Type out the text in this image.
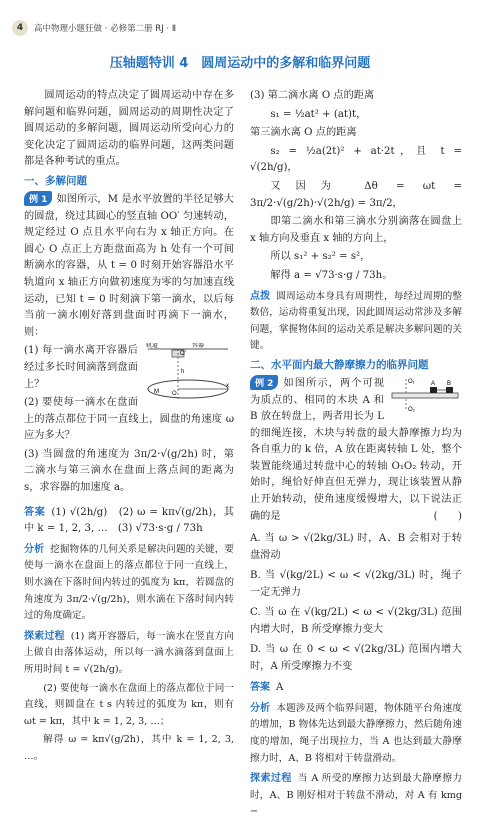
4	高中物理小题狂做 · 必修第二册 RJ · Ⅱ
压轴题特训 4　圆周运动中的多解和临界问题

圆周运动的特点决定了圆周运动中存在多解问题和临界问题，圆周运动的周期性决定了圆周运动的多解问题，圆周运动所受向心力的变化决定了圆周运动的临界问题，这两类问题都是各种考试的重点。

一、多解问题

例 1 如图所示，M 是水平放置的半径足够大的圆盘，绕过其圆心的竖直轴 OO′ 匀速转动，规定经过 O 点且水平向右为 x 轴正方向。在圆心 O 点正上方距盘面高为 h 处有一个可间断滴水的容器，从 t = 0 时刻开始容器沿水平轨道向 x 轴正方向做初速度为零的匀加速直线运动，已知 t = 0 时刻滴下第一滴水，以后每当前一滴水刚好落到盘面时再滴下一滴水，则：

轨道	容器
O′
O
x
M
h

(1) 每一滴水离开容器后经过多长时间滴落到盘面上？

(2) 要使每一滴水在盘面上的落点都位于同一直线上，圆盘的角速度 ω 应为多大？

(3) 当圆盘的角速度为 3π/2·√(g/2h) 时，第二滴水与第三滴水在盘面上落点间的距离为 s，求容器的加速度 a。

答案 (1) √(2h/g)　(2) ω = kπ√(g/2h)，其中 k = 1, 2, 3, …　(3) √73·s·g / 73h

分析 挖掘物体的几何关系是解决问题的关键，要使每一滴水在盘面上的落点都位于同一直线上，则水滴在下落时间内转过的弧度为 kπ，若圆盘的角速度为 3π/2·√(g/2h)，则水滴在下落时间内转过的角度确定。

探索过程 (1) 离开容器后，每一滴水在竖直方向上做自由落体运动，所以每一滴水滴落到盘面上所用时间 t = √(2h/g)。

(2) 要使每一滴水在盘面上的落点都位于同一直线，则圆盘在 t s 内转过的弧度为 kπ，则有 ωt = kπ，其中 k = 1, 2, 3, …；

解得 ω = kπ√(g/2h)，其中 k = 1, 2, 3, …。

(3) 第二滴水离 O 点的距离

s₁ = ½at² + (at)t，

第三滴水离 O 点的距离

s₂ = ½a(2t)² + at·2t，且 t = √(2h/g)，

又因为 Δθ = ωt = 3π/2·√(g/2h)·√(2h/g) = 3π/2，

即第二滴水和第三滴水分别滴落在圆盘上 x 轴方向及垂直 x 轴的方向上，

所以 s₁² + s₂² = s²，

解得 a = √73·s·g / 73h。

点拨 圆周运动本身具有周期性，每经过周期的整数倍，运动将重复出现，因此圆周运动常涉及多解问题，掌握物体间的运动关系是解决多解问题的关键。

二、水平面内最大静摩擦力的临界问题
O₁
O₂
A B

例 2 如图所示，两个可视为质点的、相同的木块 A 和 B 放在转盘上，两者用长为 L 的细绳连接，木块与转盘的最大静摩擦力均为各自重力的 k 倍，A 放在距离转轴 L 处，整个装置能绕通过转盘中心的转轴 O₁O₂ 转动，开始时，绳恰好伸直但无弹力，现让该装置从静止开始转动，使角速度缓慢增大，以下说法正确的是	(　　)

A. 当 ω > √(2kg/3L) 时，A、B 会相对于转盘滑动

B. 当 √(kg/2L) < ω < √(2kg/3L) 时，绳子一定无弹力

C. 当 ω 在 √(kg/2L) < ω < √(2kg/3L) 范围内增大时，B 所受摩擦力变大

D. 当 ω 在 0 < ω < √(2kg/3L) 范围内增大时，A 所受摩擦力不变

答案 A

分析 本题涉及两个临界问题，物体随平台角速度的增加，B 物体先达到最大静摩擦力，然后随角速度的增加，绳子出现拉力，当 A 也达到最大静摩擦力时，A、B 将相对于转盘滑动。

探索过程 当 A 所受的摩擦力达到最大静摩擦力时，A、B 刚好相对于转盘不滑动，对 A 有 kmg −
